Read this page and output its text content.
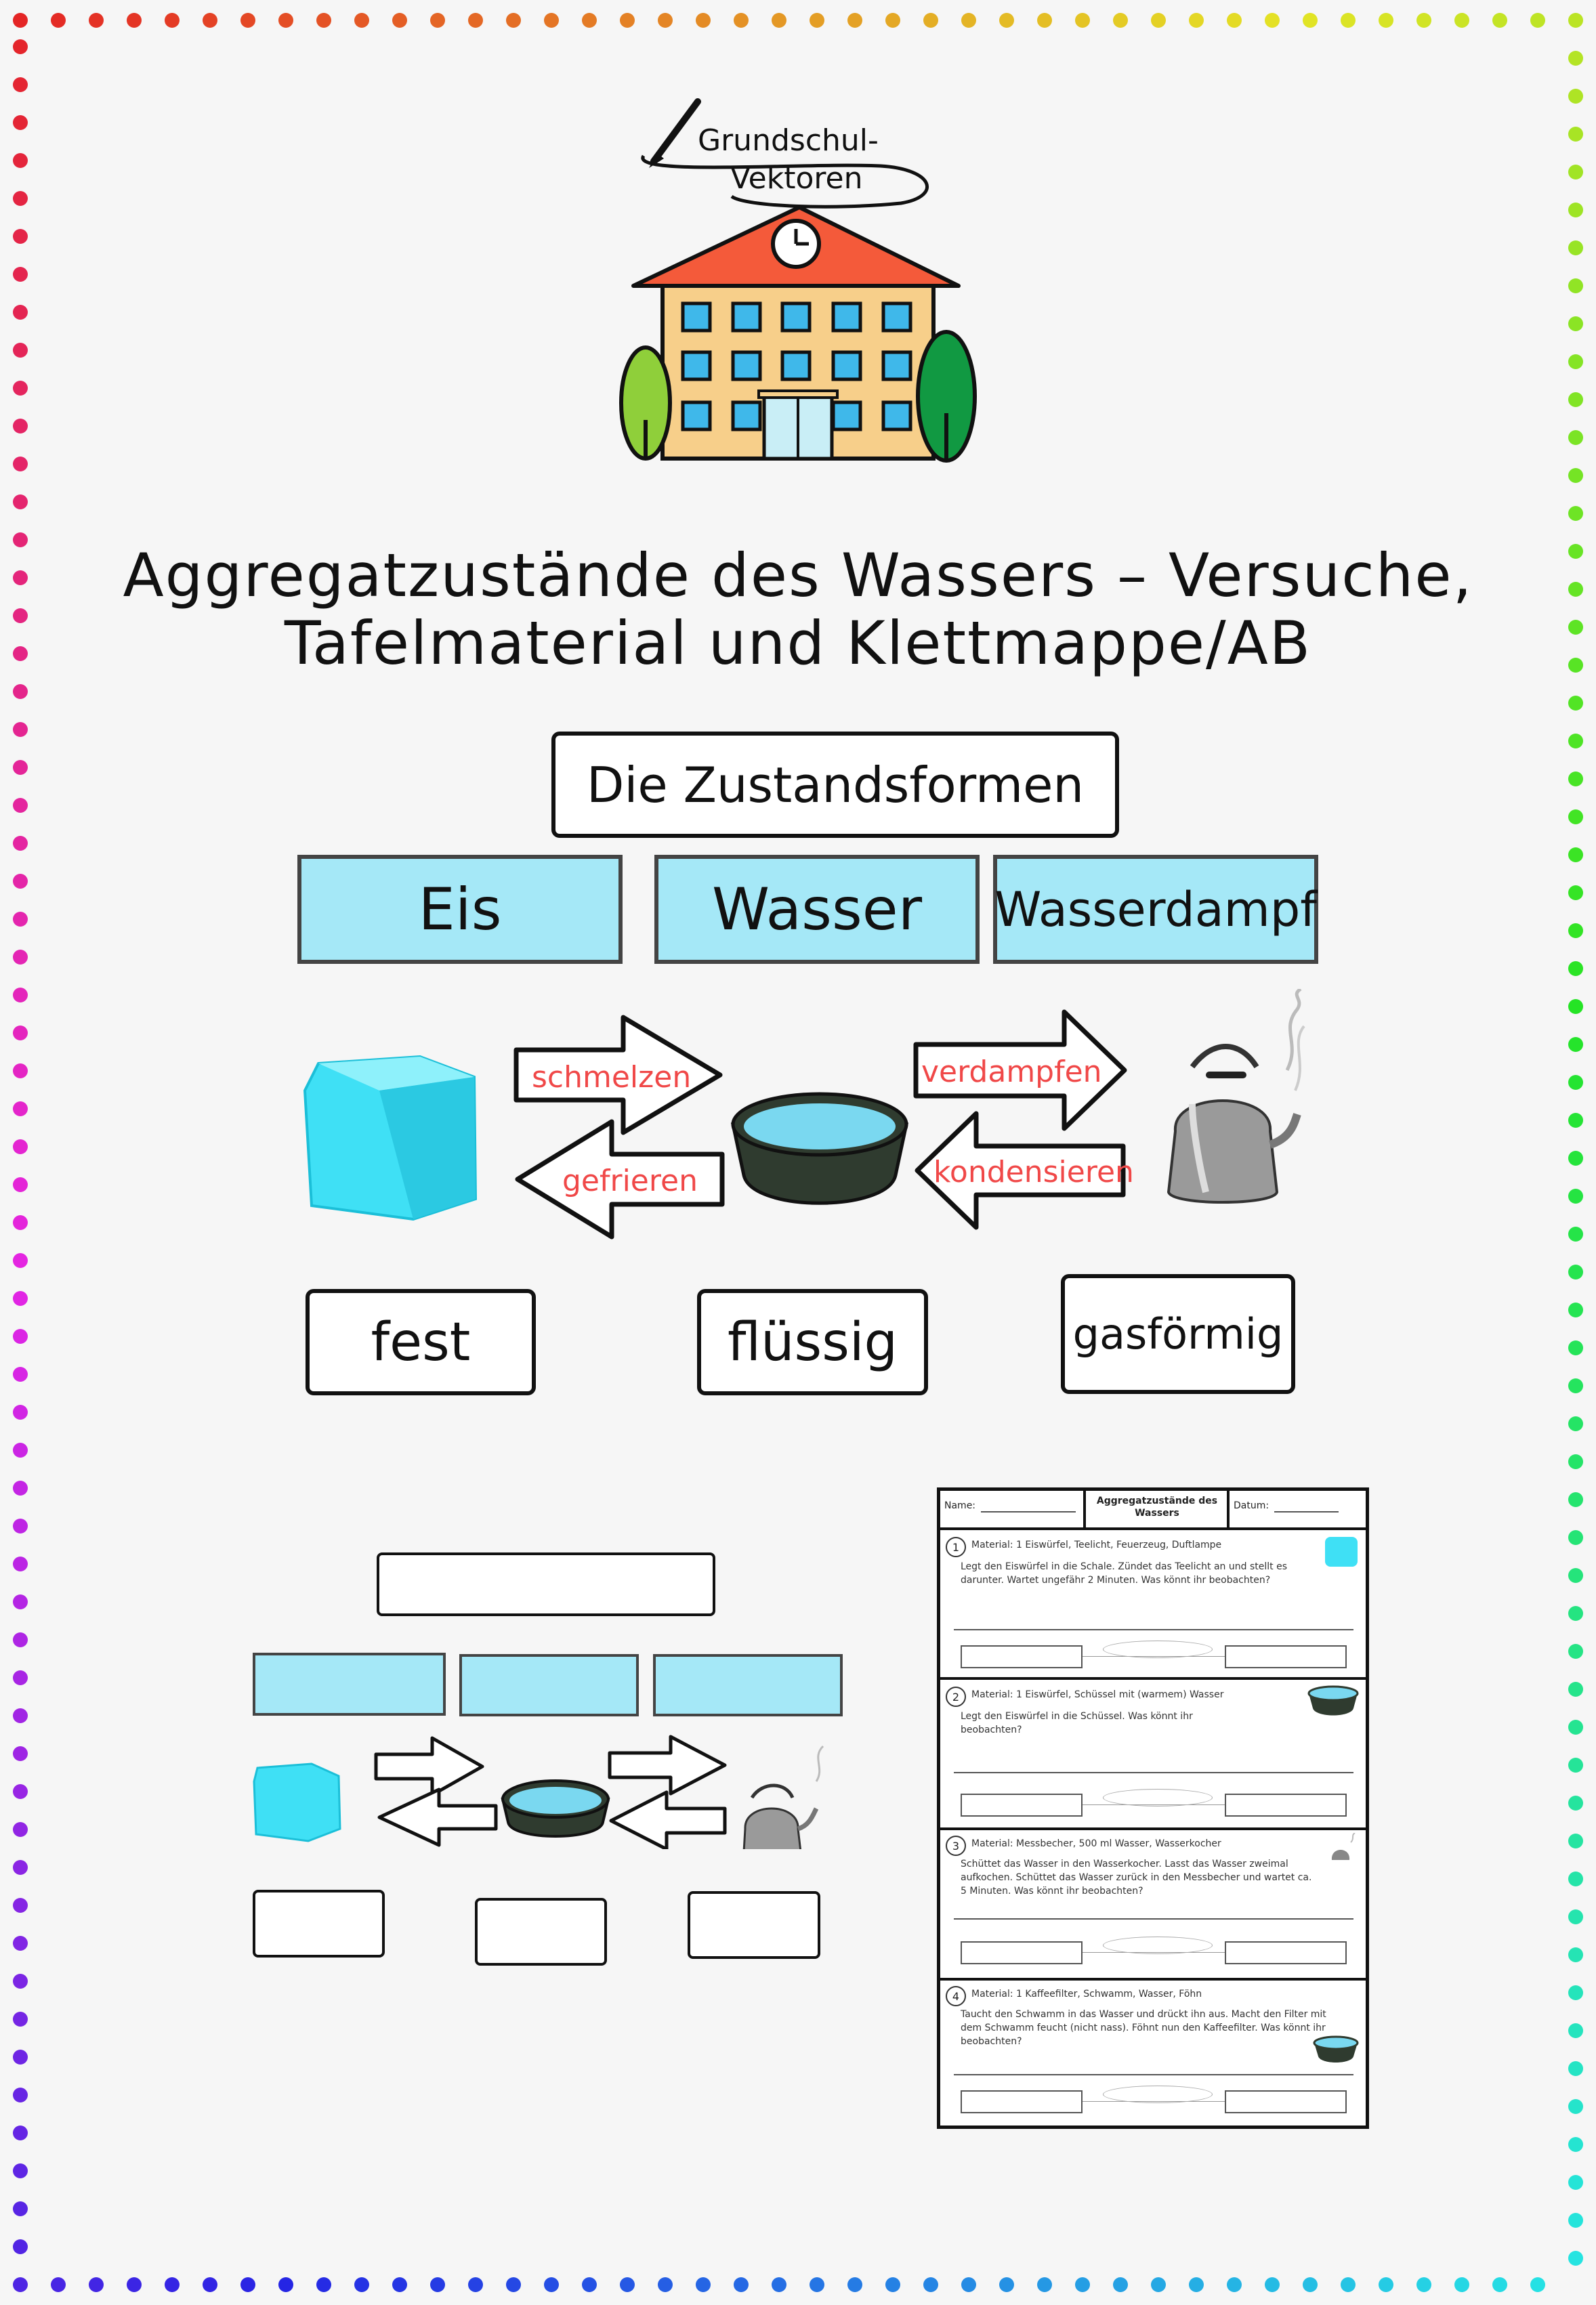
Grundschul-
Vektoren
Aggregatzustände des Wassers – Versuche,
Tafelmaterial und Klettmappe/AB
Die Zustandsformen
Eis	Wasser Wasserdampf
schmelzen
gefrieren
verdampfen
kondensieren
fest	flüssig	gasförmig
Name:	Aggregatzustände des Wassers
Datum:
1	Material: 1 Eiswürfel, Teelicht, Feuerzeug, Duftlampe
Legt den Eiswürfel in die Schale. Zündet das Teelicht an und stellt es darunter. Wartet ungefähr 2 Minuten. Was könnt ihr beobachten?
2	Material: 1 Eiswürfel, Schüssel mit (warmem) Wasser
Legt den Eiswürfel in die Schüssel. Was könnt ihr beobachten?
3	Material: Messbecher, 500 ml Wasser, Wasserkocher
Schüttet das Wasser in den Wasserkocher. Lasst das Wasser zweimal aufkochen. Schüttet das Wasser zurück in den Messbecher und wartet ca. 5 Minuten. Was könnt ihr beobachten?
4	Material: 1 Kaffeefilter, Schwamm, Wasser, Föhn
Taucht den Schwamm in das Wasser und drückt ihn aus. Macht den Filter mit dem Schwamm feucht (nicht nass). Föhnt nun den Kaffeefilter. Was könnt ihr beobachten?
